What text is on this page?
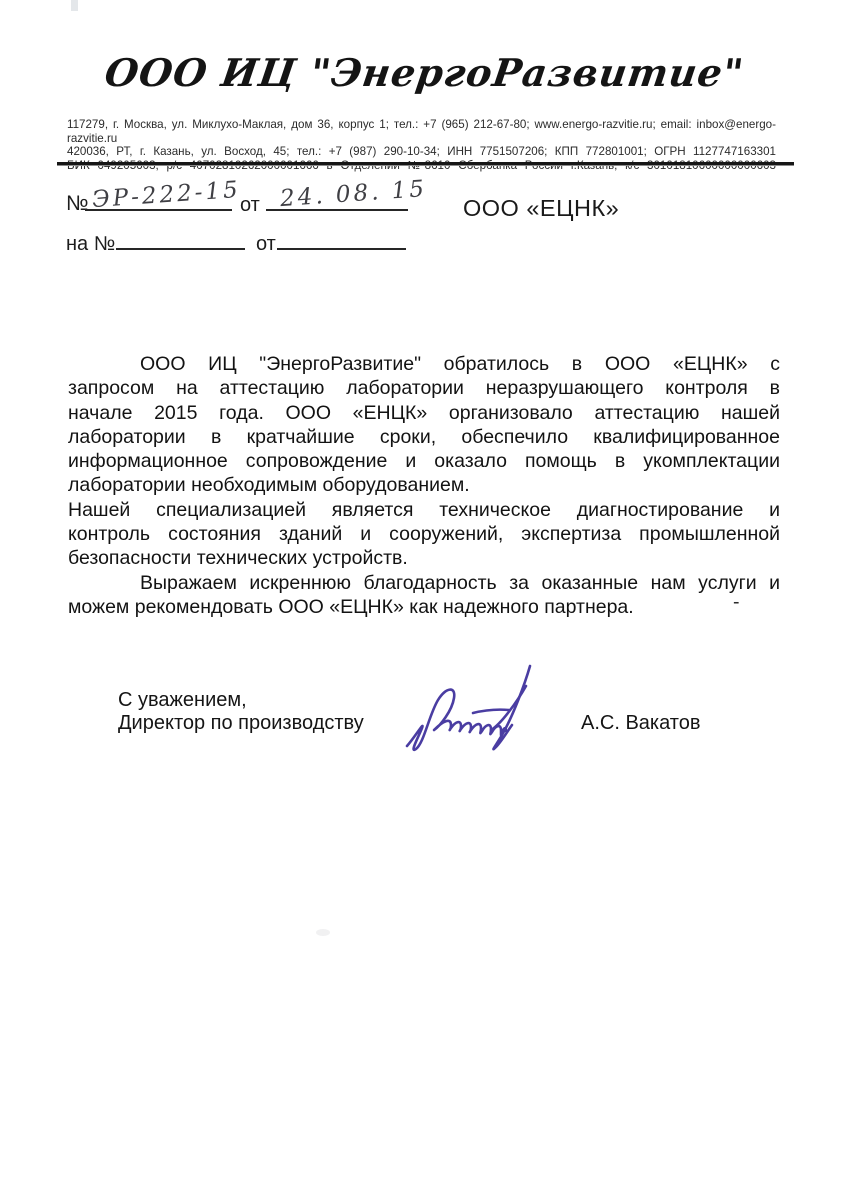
ООО ИЦ "ЭнергоРазвитие"
117279, г. Москва, ул. Миклухо-Маклая, дом 36, корпус 1; тел.: +7 (965) 212-67-80; www.energo-razvitie.ru; email: inbox@energo-razvitie.ru
420036, РТ, г. Казань, ул. Восход, 45; тел.: +7 (987) 290-10-34; ИНН 7751507206; КПП 772801001; ОГРН 1127747163301
№ ЭР-222-15
от 24. 08. 15 ООО «ЕЦНК»
на №	от
ООО ИЦ "ЭнергоРазвитие" обратилось в ООО «ЕЦНК» с
запросом на аттестацию лаборатории неразрушающего контроля в
начале 2015 года. ООО «ЕНЦК» организовало аттестацию нашей
лаборатории в кратчайшие сроки, обеспечило квалифицированное
информационное сопровождение и оказало помощь в укомплектации
лаборатории необходимым оборудованием.
Нашей специализацией является техническое диагностирование и
контроль состояния зданий и сооружений, экспертиза промышленной
безопасности технических устройств.
Выражаем искреннюю благодарность за оказанные нам услуги и
можем рекомендовать ООО «ЕЦНК» как надежного партнера.	-
С уважением,
Директор по производству	А.С. Вакатов
